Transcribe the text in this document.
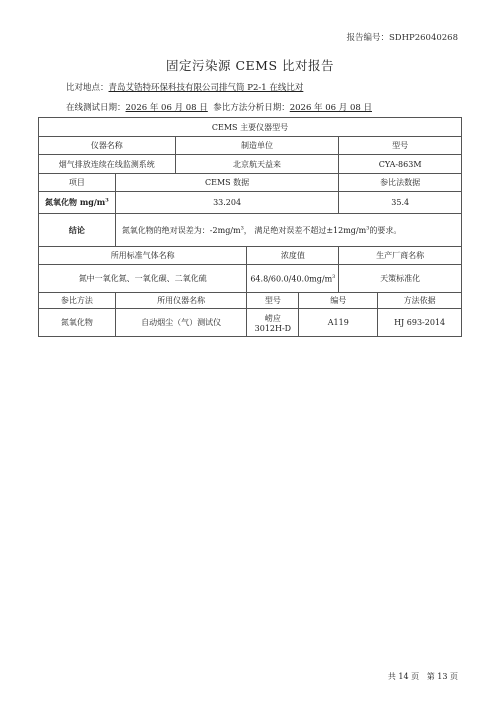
报告编号：SDHP26040268
固定污染源 CEMS 比对报告
比对地点：青岛艾锆特环保科技有限公司排气筒 P2-1 在线比对
在线测试日期：2026 年 06 月 08 日 参比方法分析日期：2026 年 06 月 08 日
CEMS 主要仪器型号						
仪器名称		制造单位			型号	
烟气排放连续在线监测系统		北京航天益来			CYA-863M	
项目	CEMS 数据				参比法数据	
氮氧化物 $mg/m^3$	33.204				35.4	
结论	氮氧化物的绝对误差为：$-2mg/m^3$， 满足绝对误差不超过$\pm 12mg/m^3$的要求。					
所用标准气体名称			浓度值		生产厂商名称	
氮中一氧化氮、一氧化碳、二氧化硫			$64.8/60.0/40.0mg/m^3$		天策标准化	
参比方法	所用仪器名称		型号	编号		方法依据
氮氧化物	自动烟尘（气）测试仪		崂应 3012H-D	A119		HJ 693-2014
共 14 页 第 13 页
